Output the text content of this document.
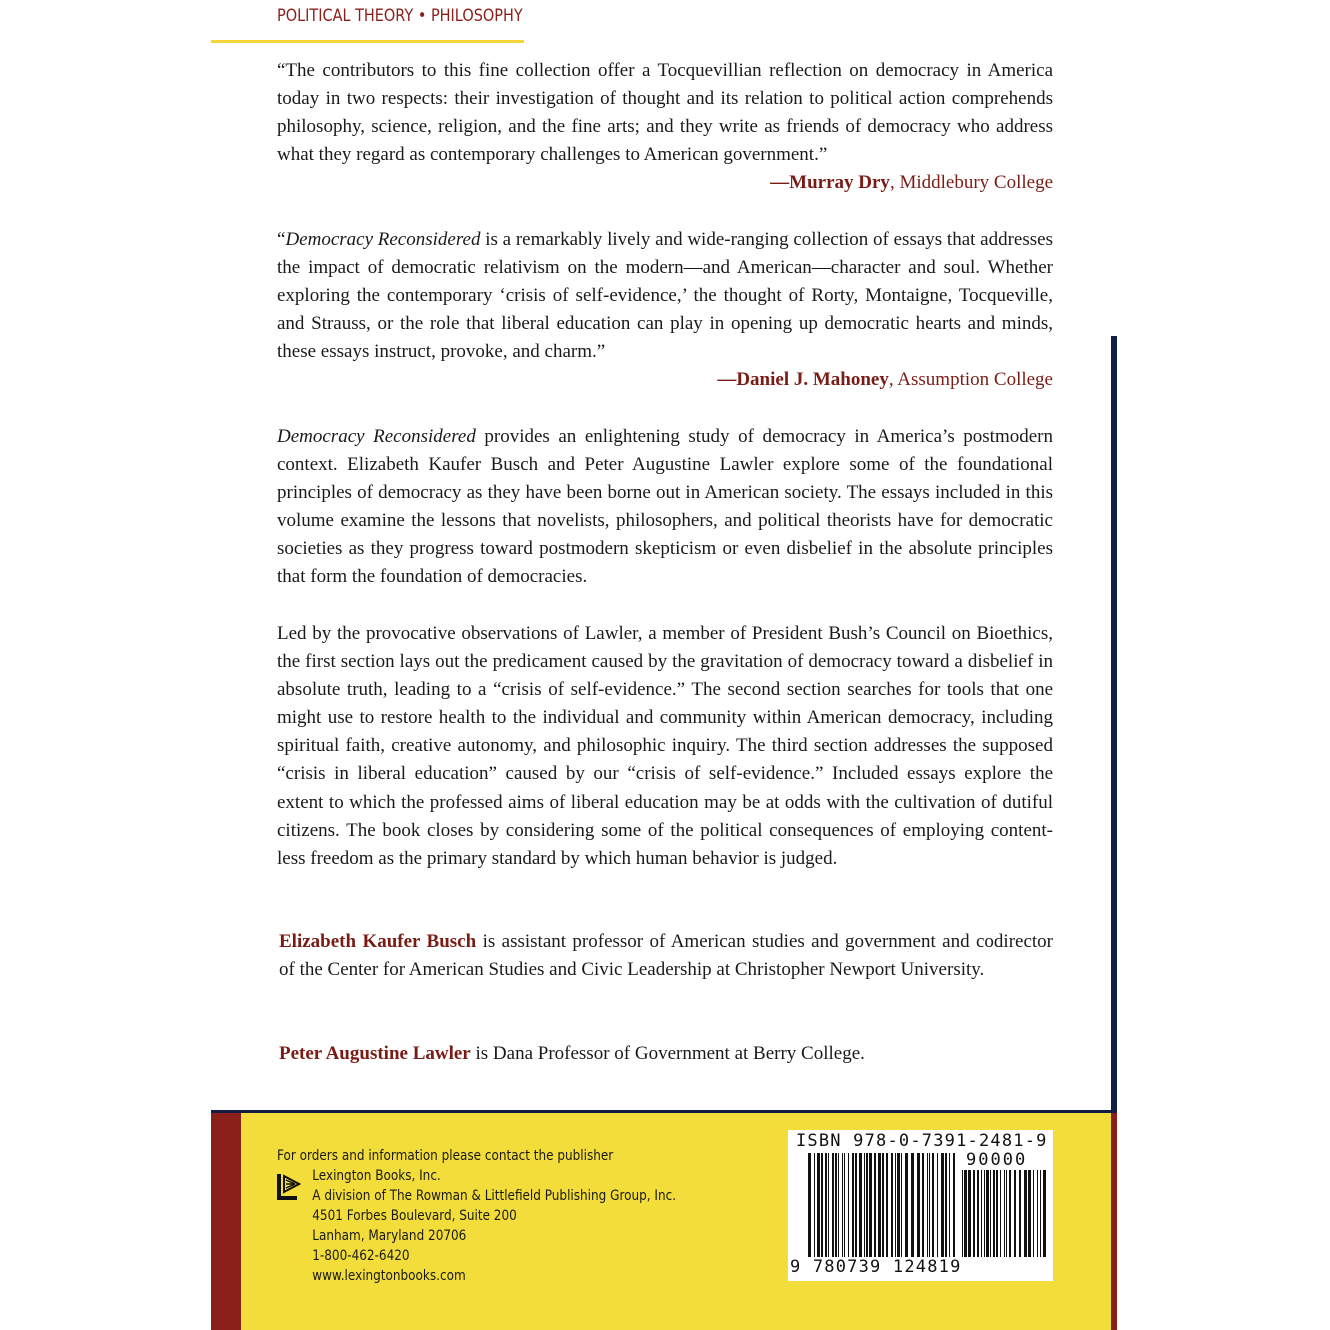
POLITICAL THEORY • PHILOSOPHY
“The contributors to this fine collection offer a Tocquevillian reflection on democracy in America today in two respects: their investigation of thought and its relation to political action comprehends philosophy, science, religion, and the fine arts; and they write as friends of democracy who address what they regard as contemporary challenges to American government.”
—Murray Dry, Middlebury College
“Democracy Reconsidered is a remarkably lively and wide-ranging collection of essays that addresses the impact of democratic relativism on the modern—and American—character and soul. Whether exploring the contemporary ‘crisis of self-evidence,’ the thought of Rorty, Montaigne, Tocqueville, and Strauss, or the role that liberal education can play in opening up democratic hearts and minds, these essays instruct, provoke, and charm.”
—Daniel J. Mahoney, Assumption College
Democracy Reconsidered provides an enlightening study of democracy in America’s postmodern context. Elizabeth Kaufer Busch and Peter Augustine Lawler explore some of the foundational principles of democracy as they have been borne out in American society. The essays included in this volume examine the lessons that novelists, philosophers, and political theorists have for democratic societies as they progress toward postmodern skepticism or even disbelief in the absolute principles that form the foundation of democracies.
Led by the provocative observations of Lawler, a member of President Bush’s Council on Bioethics, the first section lays out the predicament caused by the gravitation of democracy toward a disbelief in absolute truth, leading to a “crisis of self-evidence.” The second section searches for tools that one might use to restore health to the individual and community within American democracy, including spiritual faith, creative autonomy, and philosophic inquiry. The third section addresses the supposed “crisis in liberal education” caused by our “crisis of self-evidence.” Included essays explore the extent to which the professed aims of liberal education may be at odds with the cultivation of dutiful citizens. The book closes by considering some of the political consequences of employing content-less freedom as the primary standard by which human behavior is judged.
Elizabeth Kaufer Busch is assistant professor of American studies and government and codirector of the Center for American Studies and Civic Leadership at Christopher Newport University.
Peter Augustine Lawler is Dana Professor of Government at Berry College.
For orders and information please contact the publisher
Lexington Books, Inc.
A division of The Rowman & Littlefield Publishing Group, Inc.
4501 Forbes Boulevard, Suite 200
Lanham, Maryland 20706
1-800-462-6420
www.lexingtonbooks.com
ISBN 978-0-7391-2481-9
90000
9 780739 124819
